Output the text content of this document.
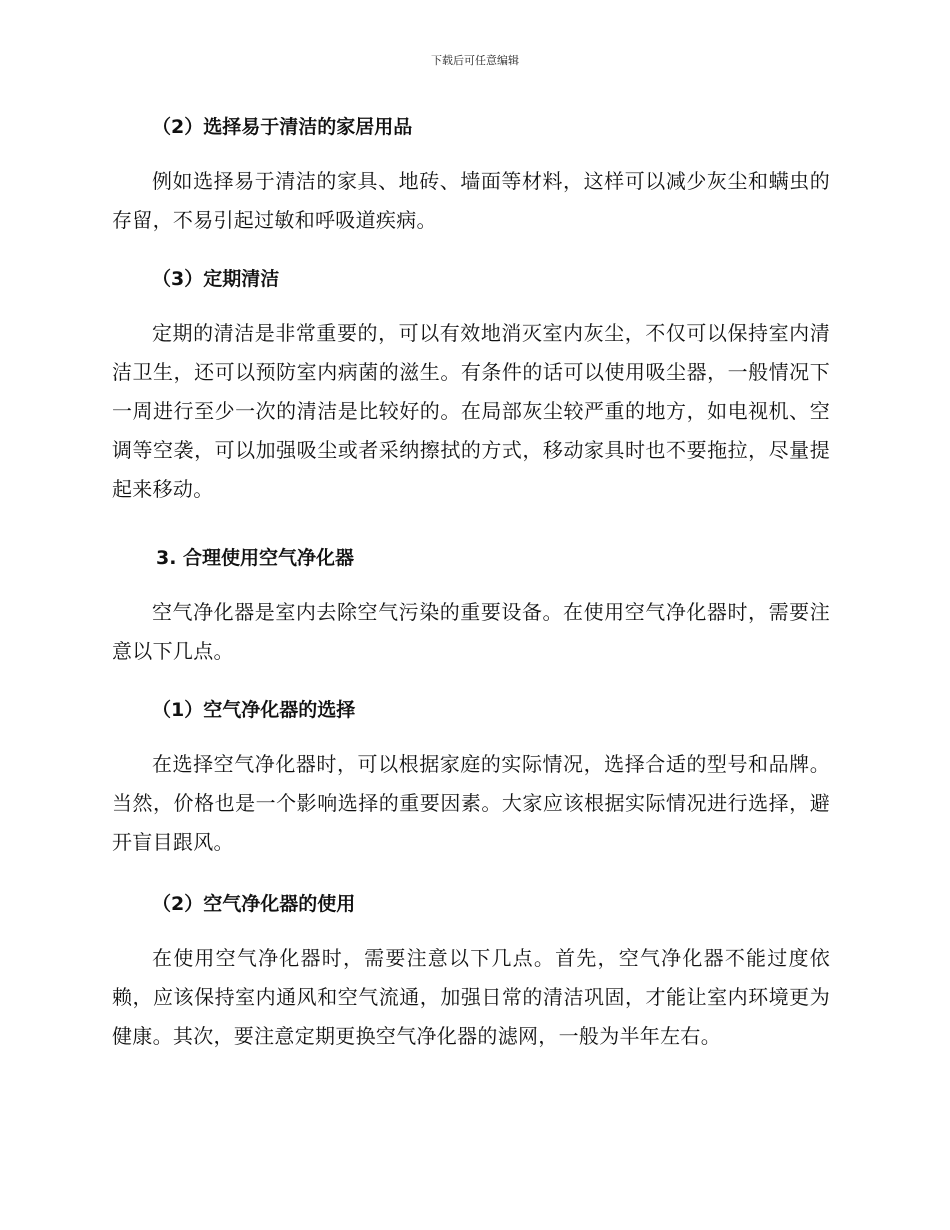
下载后可任意编辑
（2）选择易于清洁的家居用品
例如选择易于清洁的家具、地砖、墙面等材料，这样可以减少灰尘和螨虫的存留，不易引起过敏和呼吸道疾病。
（3）定期清洁
定期的清洁是非常重要的，可以有效地消灭室内灰尘，不仅可以保持室内清洁卫生，还可以预防室内病菌的滋生。有条件的话可以使用吸尘器，一般情况下一周进行至少一次的清洁是比较好的。在局部灰尘较严重的地方，如电视机、空调等空袭，可以加强吸尘或者采纳擦拭的方式，移动家具时也不要拖拉，尽量提起来移动。
3. 合理使用空气净化器
空气净化器是室内去除空气污染的重要设备。在使用空气净化器时，需要注意以下几点。
（1）空气净化器的选择
在选择空气净化器时，可以根据家庭的实际情况，选择合适的型号和品牌。当然，价格也是一个影响选择的重要因素。大家应该根据实际情况进行选择，避开盲目跟风。
（2）空气净化器的使用
在使用空气净化器时，需要注意以下几点。首先，空气净化器不能过度依赖，应该保持室内通风和空气流通，加强日常的清洁巩固，才能让室内环境更为健康。其次，要注意定期更换空气净化器的滤网，一般为半年左右。
